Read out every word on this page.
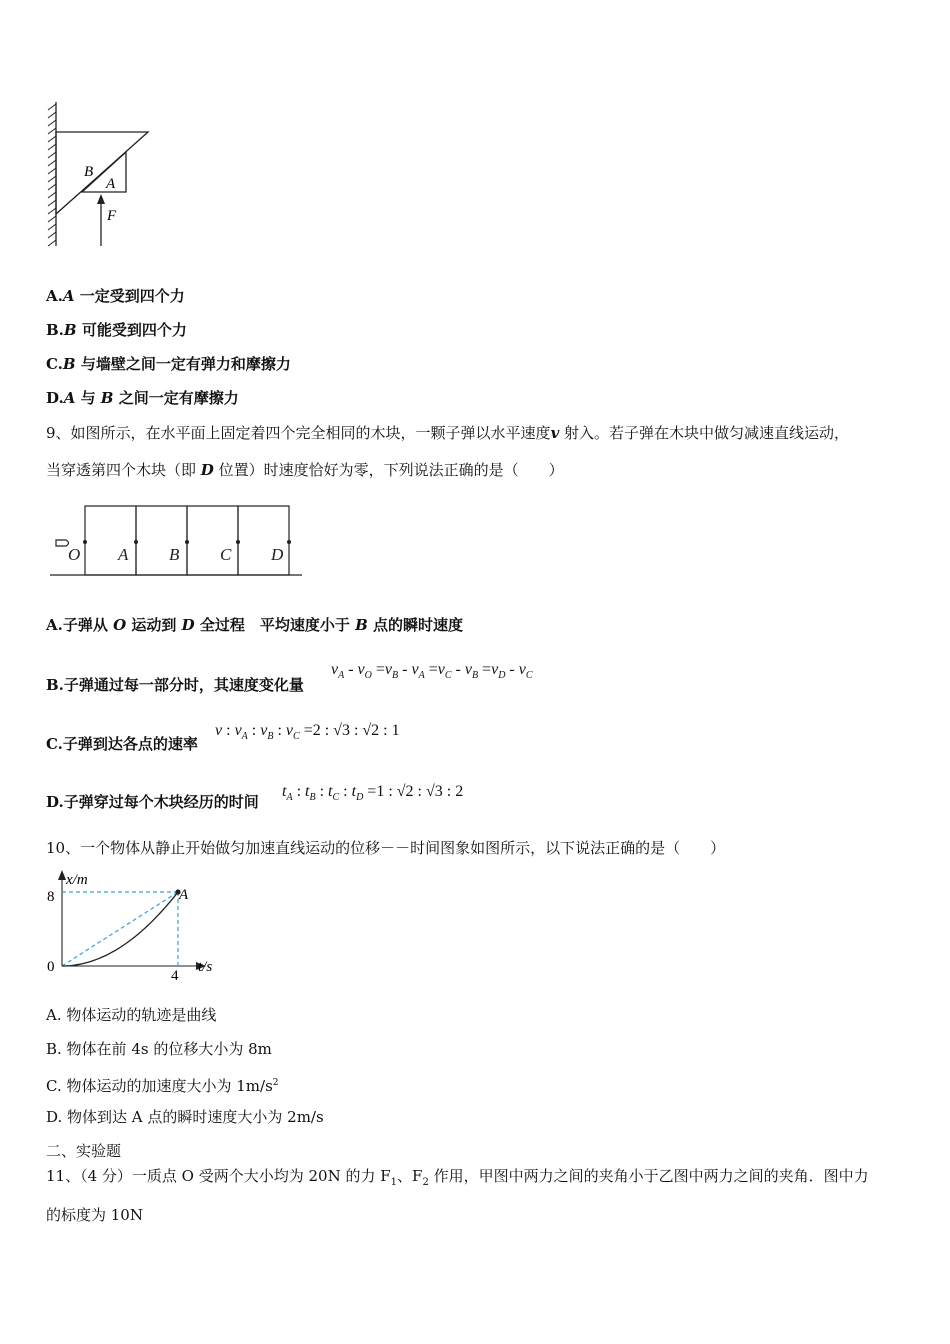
B
A
F
A.A 一定受到四个力
B.B 可能受到四个力
C.B 与墙壁之间一定有弹力和摩擦力
D.A 与 B 之间一定有摩擦力
9、如图所示，在水平面上固定着四个完全相同的木块，一颗子弹以水平速度v 射入。若子弹在木块中做匀减速直线运动，
当穿透第四个木块（即 D 位置）时速度恰好为零，下列说法正确的是（　　）
O A B C D
A.子弹从 O 运动到 D 全过程　平均速度小于 B 点的瞬时速度
B.子弹通过每一部分时，其速度变化量
$v_A - v_O =v_B - v_A =v_C - v_B =v_D - v_C$
C.子弹到达各点的速率
v : $v_A$ : $v_B$ : $v_C =2$ : √3 : √2 : 1
D.子弹穿过每个木块经历的时间
$t_A$ : $t_B$ : $t_C$ : $t_D =1$ : √2 : √3 : 2
10、一个物体从静止开始做匀加速直线运动的位移－－时间图象如图所示，以下说法正确的是（　　）
x/m
t/s
0
8
4
A
A. 物体运动的轨迹是曲线
B. 物体在前 4s 的位移大小为 8m
C. 物体运动的加速度大小为 $1m/s^2$
D. 物体到达 A 点的瞬时速度大小为 2m/s
二、实验题
11、（4 分）一质点 O 受两个大小均为 20N 的力 $F_1$、$F_2$ 作用，甲图中两力之间的夹角小于乙图中两力之间的夹角．图中力
的标度为 10N
